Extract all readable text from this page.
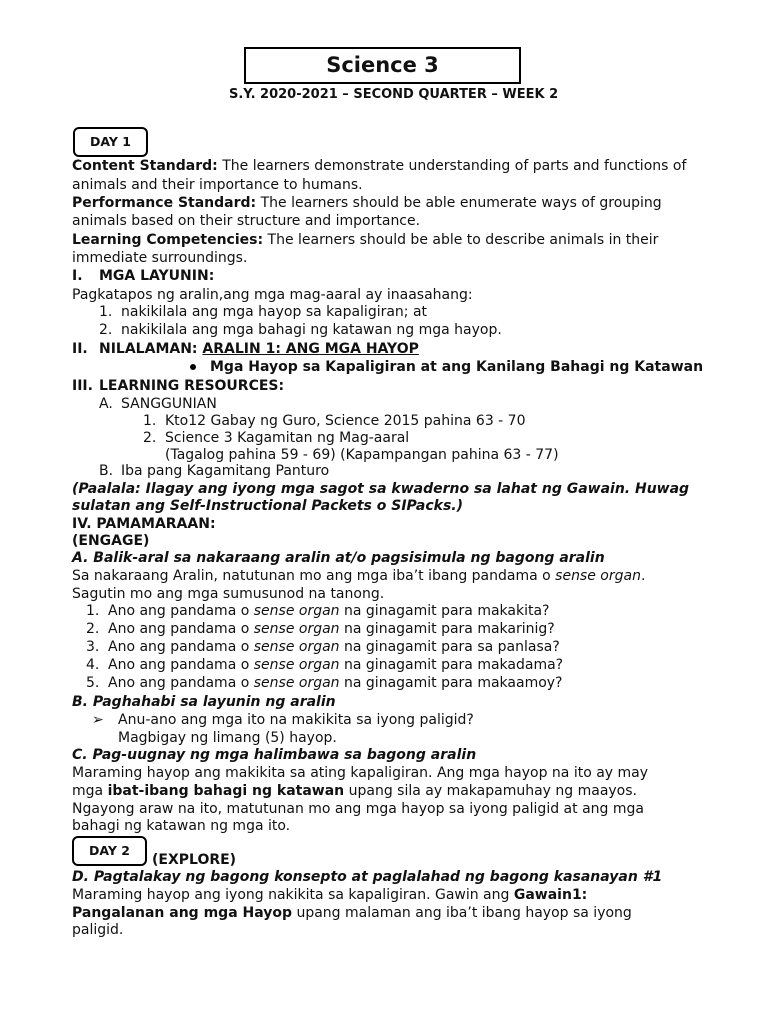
Science 3
S.Y. 2020-2021 – SECOND QUARTER – WEEK 2
DAY 1
Content Standard: The learners demonstrate understanding of parts and functions of
animals and their importance to humans.
Performance Standard: The learners should be able enumerate ways of grouping
animals based on their structure and importance.
Learning Competencies: The learners should be able to describe animals in their
immediate surroundings.
I. MGA LAYUNIN:
Pagkatapos ng aralin,ang mga mag-aaral ay inaasahang:
1. nakikilala ang mga hayop sa kapaligiran; at
2. nakikilala ang mga bahagi ng katawan ng mga hayop.
II. NILALAMAN: ARALIN 1: ANG MGA HAYOP
Mga Hayop sa Kapaligiran at ang Kanilang Bahagi ng Katawan
III. LEARNING RESOURCES:
A. SANGGUNIAN
1. Kto12 Gabay ng Guro, Science 2015 pahina 63 - 70
2. Science 3 Kagamitan ng Mag-aaral
(Tagalog pahina 59 - 69) (Kapampangan pahina 63 - 77)
B. Iba pang Kagamitang Panturo
(Paalala: Ilagay ang iyong mga sagot sa kwaderno sa lahat ng Gawain. Huwag
sulatan ang Self-Instructional Packets o SIPacks.)
IV. PAMAMARAAN:
(ENGAGE)
A. Balik-aral sa nakaraang aralin at/o pagsisimula ng bagong aralin
Sa nakaraang Aralin, natutunan mo ang mga iba’t ibang pandama o sense organ.
Sagutin mo ang mga sumusunod na tanong.
1. Ano ang pandama o sense organ na ginagamit para makakita?
2. Ano ang pandama o sense organ na ginagamit para makarinig?
3. Ano ang pandama o sense organ na ginagamit para sa panlasa?
4. Ano ang pandama o sense organ na ginagamit para makadama?
5. Ano ang pandama o sense organ na ginagamit para makaamoy?
B. Paghahabi sa layunin ng aralin
➢ Anu-ano ang mga ito na makikita sa iyong paligid?
Magbigay ng limang (5) hayop.
C. Pag-uugnay ng mga halimbawa sa bagong aralin
Maraming hayop ang makikita sa ating kapaligiran. Ang mga hayop na ito ay may
mga ibat-ibang bahagi ng katawan upang sila ay makapamuhay ng maayos.
Ngayong araw na ito, matutunan mo ang mga hayop sa iyong paligid at ang mga
bahagi ng katawan ng mga ito.
DAY 2
(EXPLORE)
D. Pagtalakay ng bagong konsepto at paglalahad ng bagong kasanayan #1
Maraming hayop ang iyong nakikita sa kapaligiran. Gawin ang Gawain1:
Pangalanan ang mga Hayop upang malaman ang iba’t ibang hayop sa iyong
paligid.
